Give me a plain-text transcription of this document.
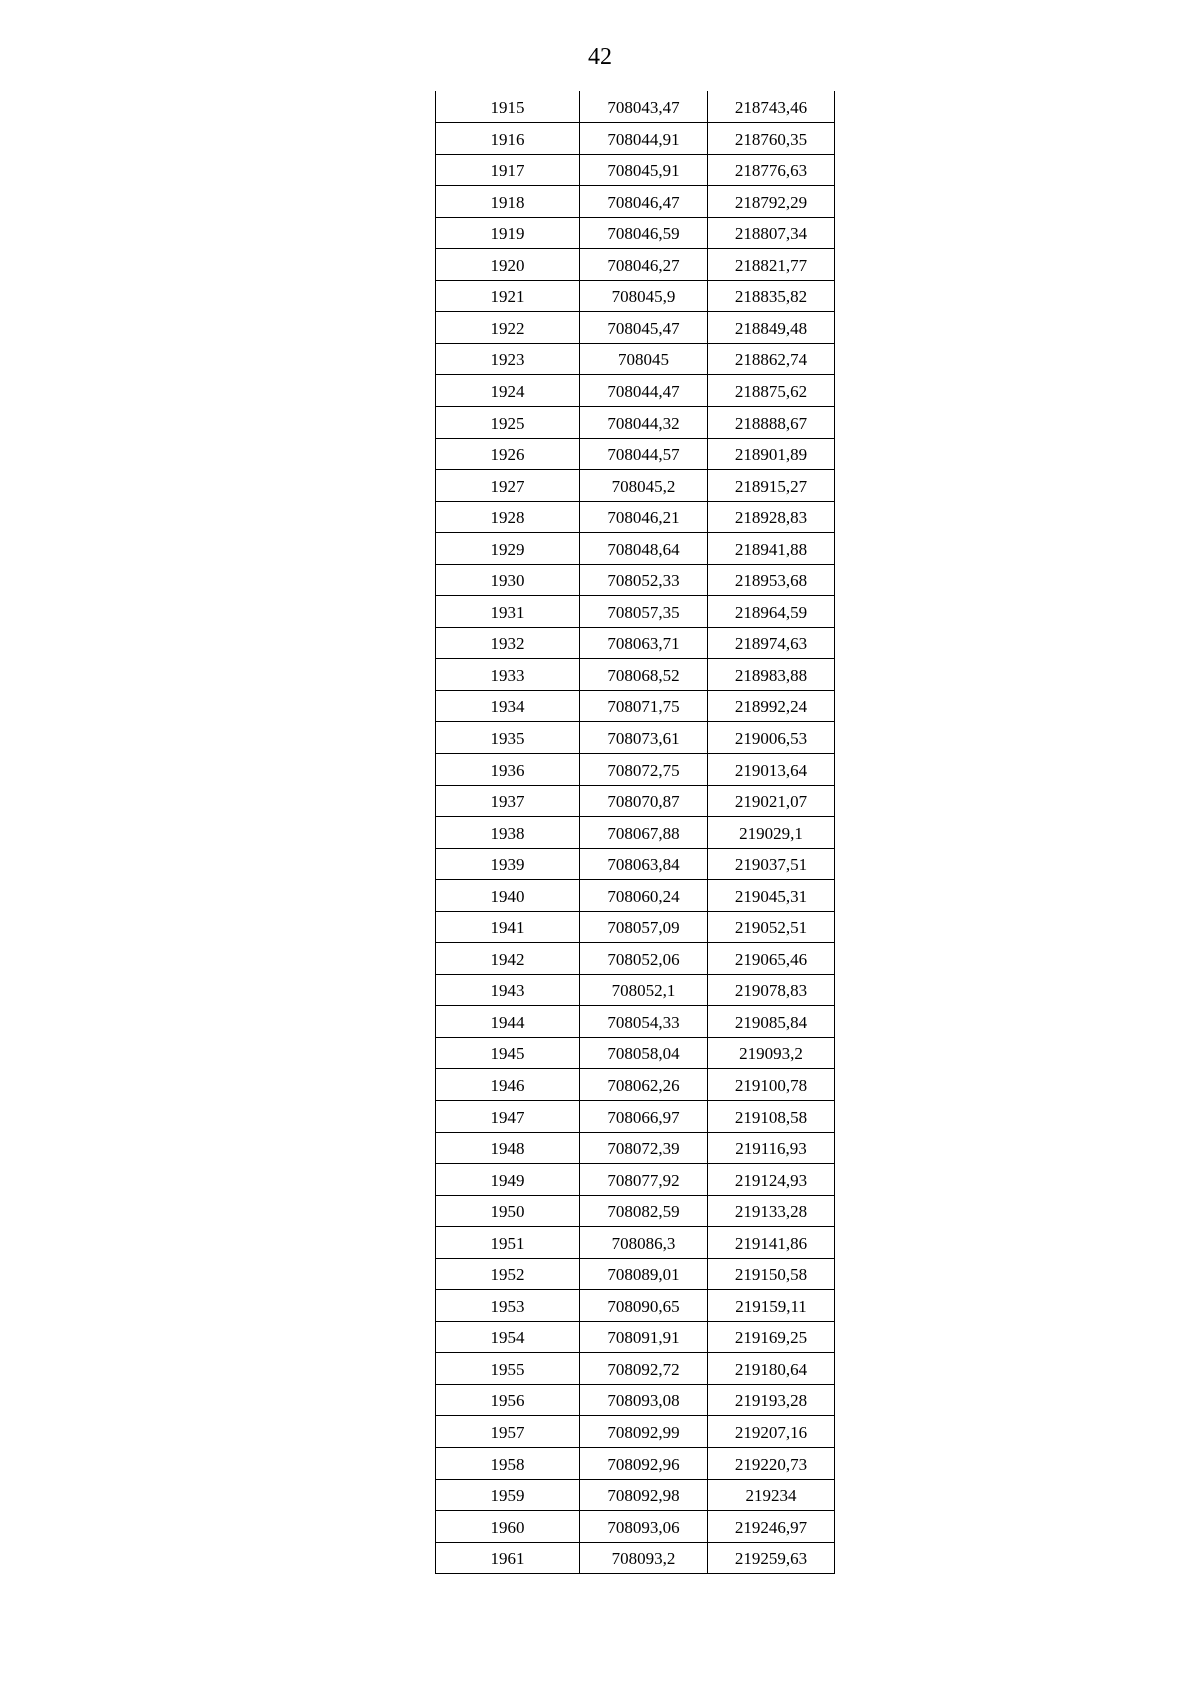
42
1915	708043,47	218743,46
1916	708044,91	218760,35
1917	708045,91	218776,63
1918	708046,47	218792,29
1919	708046,59	218807,34
1920	708046,27	218821,77
1921	708045,9	218835,82
1922	708045,47	218849,48
1923	708045	218862,74
1924	708044,47	218875,62
1925	708044,32	218888,67
1926	708044,57	218901,89
1927	708045,2	218915,27
1928	708046,21	218928,83
1929	708048,64	218941,88
1930	708052,33	218953,68
1931	708057,35	218964,59
1932	708063,71	218974,63
1933	708068,52	218983,88
1934	708071,75	218992,24
1935	708073,61	219006,53
1936	708072,75	219013,64
1937	708070,87	219021,07
1938	708067,88	219029,1
1939	708063,84	219037,51
1940	708060,24	219045,31
1941	708057,09	219052,51
1942	708052,06	219065,46
1943	708052,1	219078,83
1944	708054,33	219085,84
1945	708058,04	219093,2
1946	708062,26	219100,78
1947	708066,97	219108,58
1948	708072,39	219116,93
1949	708077,92	219124,93
1950	708082,59	219133,28
1951	708086,3	219141,86
1952	708089,01	219150,58
1953	708090,65	219159,11
1954	708091,91	219169,25
1955	708092,72	219180,64
1956	708093,08	219193,28
1957	708092,99	219207,16
1958	708092,96	219220,73
1959	708092,98	219234
1960	708093,06	219246,97
1961	708093,2	219259,63
